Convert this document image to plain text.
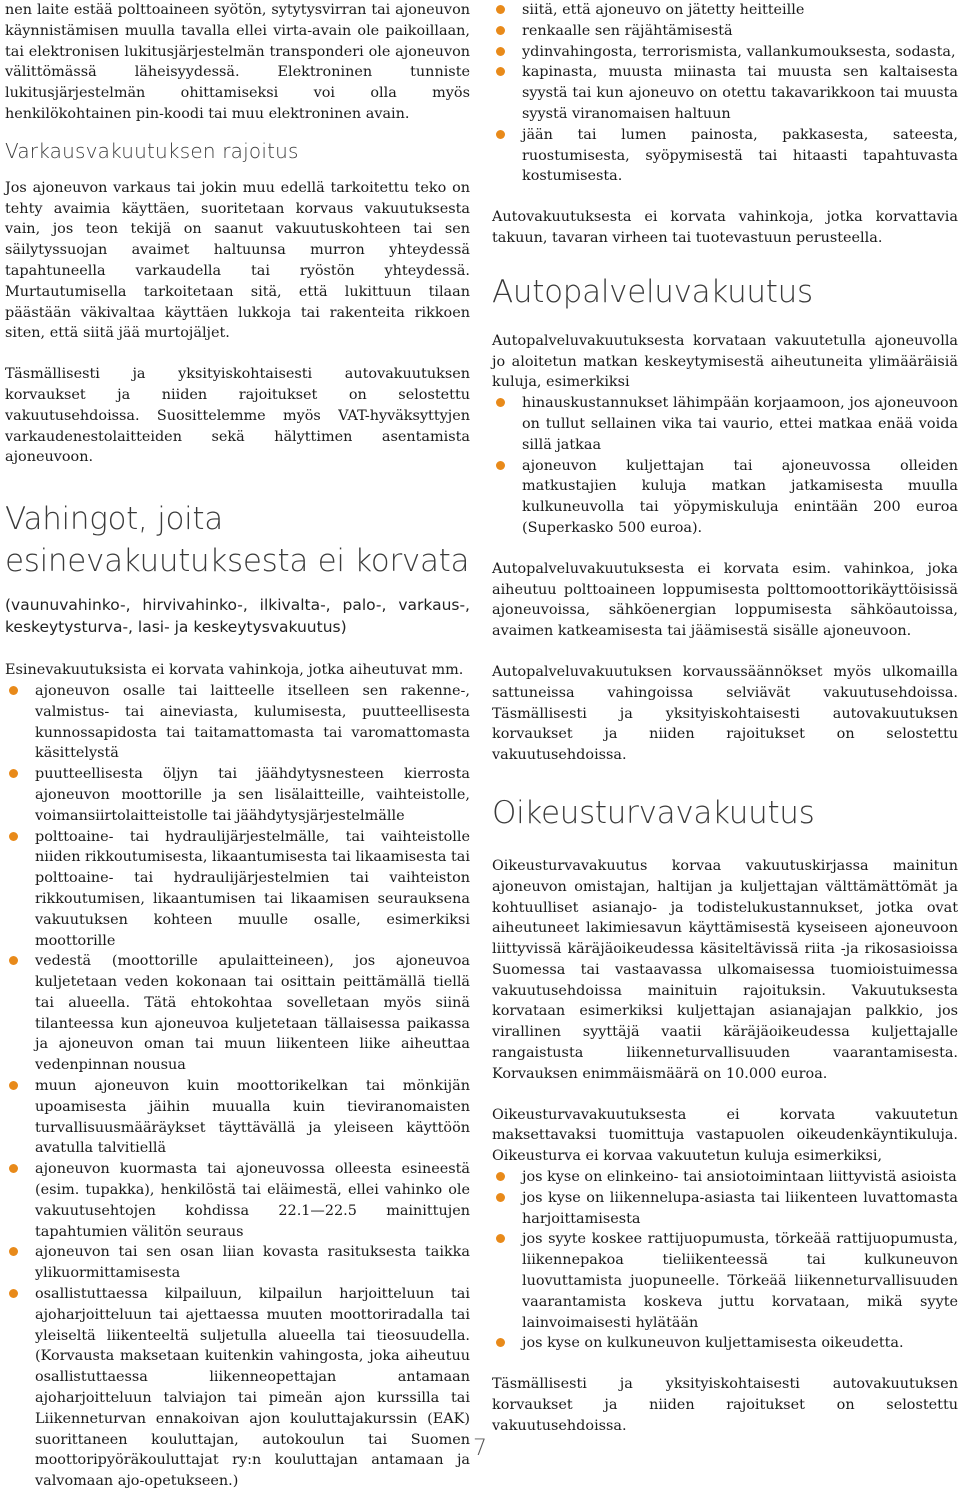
nen laite estää polttoaineen syötön, sytytysvirran tai ajoneuvon käynnistämisen muulla tavalla ellei virta-avain ole paikoillaan, tai elektronisen lukitusjärjestelmän transponderi ole ajoneuvon välittömässä läheisyydessä. Elektroninen tunniste lukitusjärjestelmän ohittamiseksi voi olla myös henkilökohtainen pin-koodi tai muu elektroninen avain.

Varkausvakuutuksen rajoitus

Jos ajoneuvon varkaus tai jokin muu edellä tarkoitettu teko on tehty avaimia käyttäen, suoritetaan korvaus vakuutuksesta vain, jos teon tekijä on saanut vakuutuskohteen tai sen säilytyssuojan avaimet haltuunsa murron yhteydessä tapahtuneella varkaudella tai ryöstön yhteydessä. Murtautumisella tarkoitetaan sitä, että lukittuun tilaan päästään väkivaltaa käyttäen lukkoja tai rakenteita rikkoen siten, että siitä jää murtojäljet.

Täsmällisesti ja yksityiskohtaisesti autovakuutuksen korvaukset ja niiden rajoitukset on selostettu vakuutusehdoissa. Suosittelemme myös VAT-hyväksyttyjen varkaudenestolaitteiden sekä hälyttimen asentamista ajoneuvoon.

Vahingot, joita esinevakuutuksesta ei korvata

(vaunuvahinko-, hirvivahinko-, ilkivalta-, palo-, varkaus-, keskeytysturva-, lasi- ja keskeytysvakuutus)

Esinevakuutuksista ei korvata vahinkoja, jotka aiheutuvat mm.

ajoneuvon osalle tai laitteelle itselleen sen rakenne-, valmistus- tai aineviasta, kulumisesta, puutteellisesta kunnossapidosta tai taitamattomasta tai varomattomasta käsittelystä
puutteellisesta öljyn tai jäähdytysnesteen kierrosta ajoneuvon moottorille ja sen lisälaitteille, vaihteistolle, voimansiirtolaitteistolle tai jäähdytysjärjestelmälle
polttoaine- tai hydraulijärjestelmälle, tai vaihteistolle niiden rikkoutumisesta, likaantumisesta tai likaamisesta tai polttoaine- tai hydraulijärjestelmien tai vaihteiston rikkoutumisen, likaantumisen tai likaamisen seurauksena vakuutuksen kohteen muulle osalle, esimerkiksi moottorille
vedestä (moottorille apulaitteineen), jos ajoneuvoa kuljetetaan veden kokonaan tai osittain peittämällä tiellä tai alueella. Tätä ehtokohtaa sovelletaan myös siinä tilanteessa kun ajoneuvoa kuljetetaan tällaisessa paikassa ja ajoneuvon oman tai muun liikenteen liike aiheuttaa vedenpinnan nousua
muun ajoneuvon kuin moottorikelkan tai mönkijän upoamisesta jäihin muualla kuin tieviranomaisten turvallisuusmääräykset täyttävällä ja yleiseen käyttöön avatulla talvitiellä
ajoneuvon kuormasta tai ajoneuvossa olleesta esineestä (esim. tupakka), henkilöstä tai eläimestä, ellei vahinko ole vakuutusehtojen kohdissa 22.1—22.5 mainittujen tapahtumien välitön seuraus
ajoneuvon tai sen osan liian kovasta rasituksesta taikka ylikuormittamisesta
osallistuttaessa kilpailuun, kilpailun harjoitteluun tai ajoharjoitteluun tai ajettaessa muuten moottoriradalla tai yleiseltä liikenteeltä suljetulla alueella tai tieosuudella. (Korvausta maksetaan kuitenkin vahingosta, joka aiheutuu osallistuttaessa liikenneopettajan antamaan ajoharjoitteluun talviajon tai pimeän ajon kurssilla tai Liikenneturvan ennakoivan ajon kouluttajakurssin (EAK) suorittaneen kouluttajan, autokoulun tai Suomen moottoripyöräkouluttajat ry:n kouluttajan antamaan ja valvomaan ajo-opetukseen.)
siitä, että ajoneuvo on jätetty heitteille
renkaalle sen räjähtämisestä
ydinvahingosta, terrorismista, vallankumouksesta, sodasta,
kapinasta, muusta miinasta tai muusta sen kaltaisesta syystä tai kun ajoneuvo on otettu takavarikkoon tai muusta syystä viranomaisen haltuun
jään tai lumen painosta, pakkasesta, sateesta, ruostumisesta, syöpymisestä tai hitaasti tapahtuvasta kostumisesta.

Autovakuutuksesta ei korvata vahinkoja, jotka korvattavia takuun, tavaran virheen tai tuotevastuun perusteella.

Autopalveluvakuutus

Autopalveluvakuutuksesta korvataan vakuutetulla ajoneuvolla jo aloitetun matkan keskeytymisestä aiheutuneita ylimääräisiä kuluja, esimerkiksi

hinauskustannukset lähimpään korjaamoon, jos ajoneuvoon on tullut sellainen vika tai vaurio, ettei matkaa enää voida sillä jatkaa
ajoneuvon kuljettajan tai ajoneuvossa olleiden matkustajien kuluja matkan jatkamisesta muulla kulkuneuvolla tai yöpymiskuluja enintään 200 euroa (Superkasko 500 euroa).

Autopalveluvakuutuksesta ei korvata esim. vahinkoa, joka aiheutuu polttoaineen loppumisesta polttomoottorikäyttöisissä ajoneuvoissa, sähköenergian loppumisesta sähköautoissa, avaimen katkeamisesta tai jäämisestä sisälle ajoneuvoon.

Autopalveluvakuutuksen korvaussäännökset myös ulkomailla sattuneissa vahingoissa selviävät vakuutusehdoissa. Täsmällisesti ja yksityiskohtaisesti autovakuutuksen korvaukset ja niiden rajoitukset on selostettu vakuutusehdoissa.

Oikeusturvavakuutus

Oikeusturvavakuutus korvaa vakuutuskirjassa mainitun ajoneuvon omistajan, haltijan ja kuljettajan välttämättömät ja kohtuulliset asianajo- ja todistelukustannukset, jotka ovat aiheutuneet lakimiesavun käyttämisestä kyseiseen ajoneuvoon liittyvissä käräjäoikeudessa käsiteltävissä riita -ja rikosasioissa Suomessa tai vastaavassa ulkomaisessa tuomioistuimessa vakuutusehdoissa mainituin rajoituksin. Vakuutuksesta korvataan esimerkiksi kuljettajan asianajajan palkkio, jos virallinen syyttäjä vaatii käräjäoikeudessa kuljettajalle rangaistusta liikenneturvallisuuden vaarantamisesta. Korvauksen enimmäismäärä on 10.000 euroa.

Oikeusturvavakuutuksesta ei korvata vakuutetun maksettavaksi tuomittuja vastapuolen oikeudenkäyntikuluja. Oikeusturva ei korvaa vakuutetun kuluja esimerkiksi,

jos kyse on elinkeino- tai ansiotoimintaan liittyvistä asioista
jos kyse on liikennelupa-asiasta tai liikenteen luvattomasta harjoittamisesta
jos syyte koskee rattijuopumusta, törkeää rattijuopumusta, liikennepakoa tieliikenteessä tai kulkuneuvon luovuttamista juopuneelle. Törkeää liikenneturvallisuuden vaarantamista koskeva juttu korvataan, mikä syyte lainvoimaisesti hylätään
jos kyse on kulkuneuvon kuljettamisesta oikeudetta.

Täsmällisesti ja yksityiskohtaisesti autovakuutuksen korvaukset ja niiden rajoitukset on selostettu vakuutusehdoissa.

7
